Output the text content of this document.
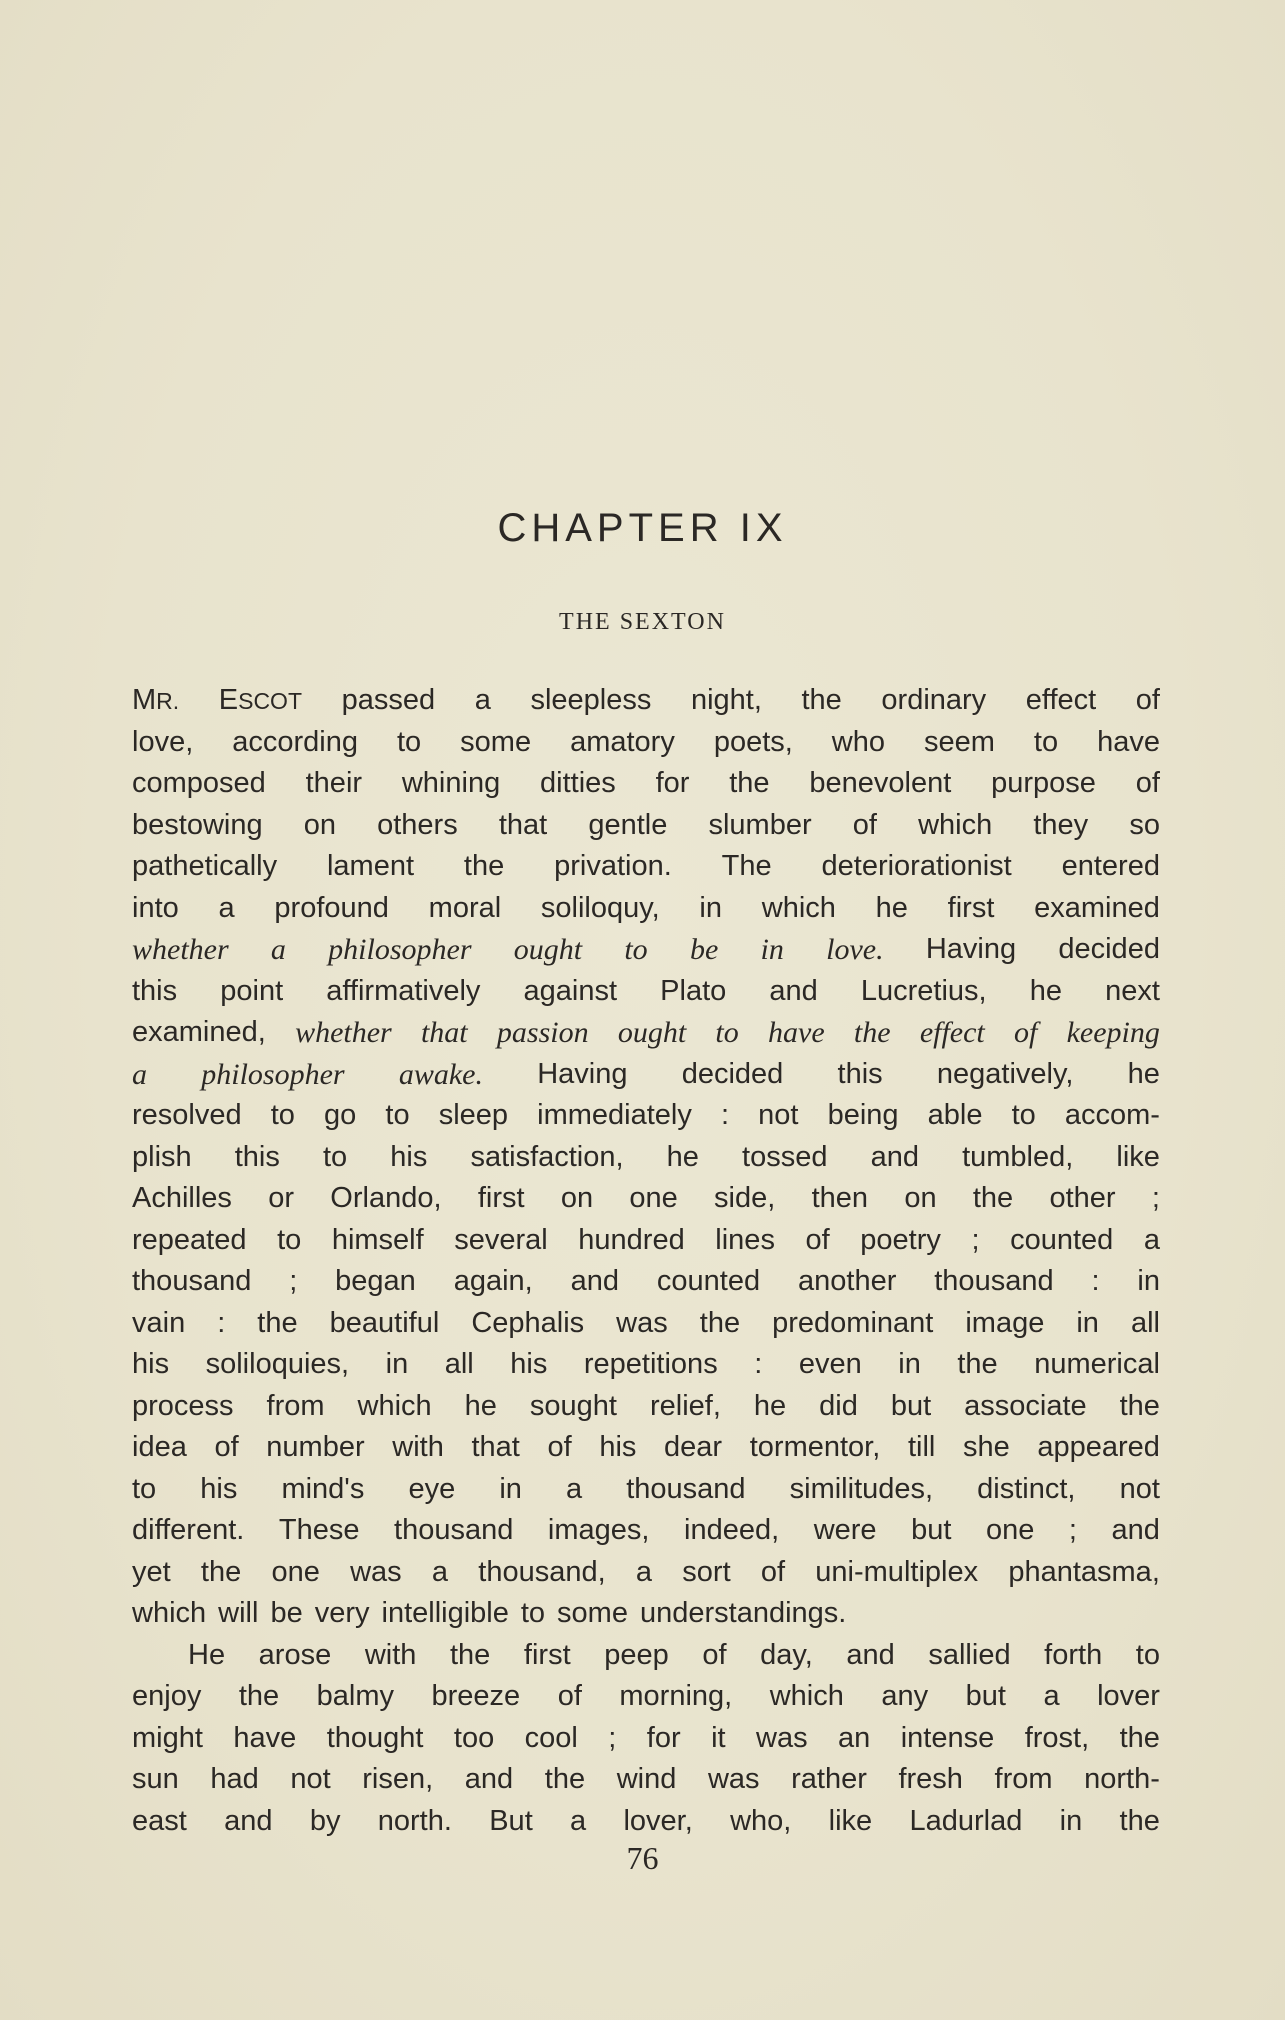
CHAPTER IX
THE SEXTON
MR. ESCOT passed a sleepless night, the ordinary effect of
love, according to some amatory poets, who seem to have
composed their whining ditties for the benevolent purpose of
bestowing on others that gentle slumber of which they so
pathetically lament the privation. The deteriorationist entered
into a profound moral soliloquy, in which he first examined
whether a philosopher ought to be in love. Having decided
this point affirmatively against Plato and Lucretius, he next
examined, whether that passion ought to have the effect of keeping
a philosopher awake. Having decided this negatively, he
resolved to go to sleep immediately : not being able to accom-
plish this to his satisfaction, he tossed and tumbled, like
Achilles or Orlando, first on one side, then on the other ;
repeated to himself several hundred lines of poetry ; counted a
thousand ; began again, and counted another thousand : in
vain : the beautiful Cephalis was the predominant image in all
his soliloquies, in all his repetitions : even in the numerical
process from which he sought relief, he did but associate the
idea of number with that of his dear tormentor, till she appeared
to his mind's eye in a thousand similitudes, distinct, not
different. These thousand images, indeed, were but one ; and
yet the one was a thousand, a sort of uni-multiplex phantasma,
which will be very intelligible to some understandings.
He arose with the first peep of day, and sallied forth to
enjoy the balmy breeze of morning, which any but a lover
might have thought too cool ; for it was an intense frost, the
sun had not risen, and the wind was rather fresh from north-
east and by north. But a lover, who, like Ladurlad in the
76
